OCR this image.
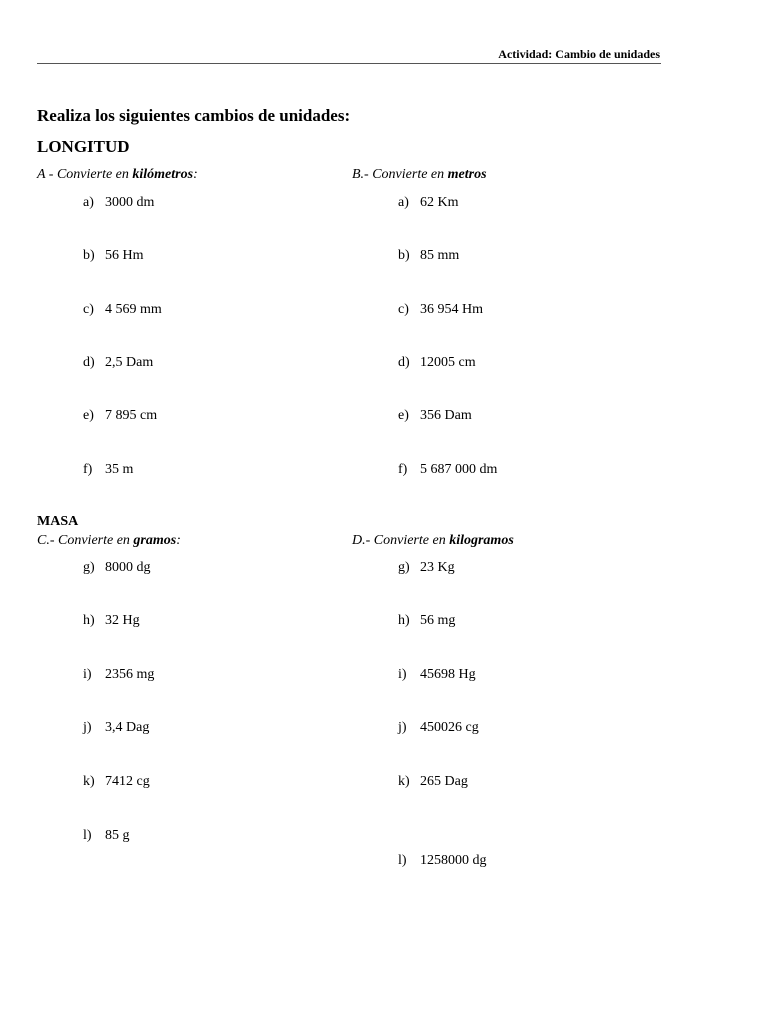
Actividad: Cambio de unidades
Realiza los siguientes cambios de unidades:
LONGITUD
A - Convierte en kilómetros:	B.- Convierte en metros
a) 3000 dm
b) 56 Hm
c) 4 569 mm
d) 2,5 Dam
e) 7 895 cm
f) 35 m
a) 62 Km
b) 85 mm
c) 36 954 Hm
d) 12005 cm
e) 356 Dam
f) 5 687 000 dm
MASA
C.- Convierte en gramos:	D.- Convierte en kilogramos
g) 8000 dg
h) 32 Hg
i) 2356 mg
j) 3,4 Dag
k) 7412 cg
l) 85 g
g) 23 Kg
h) 56 mg
i) 45698 Hg
j) 450026 cg
k) 265 Dag
l) 1258000 dg
